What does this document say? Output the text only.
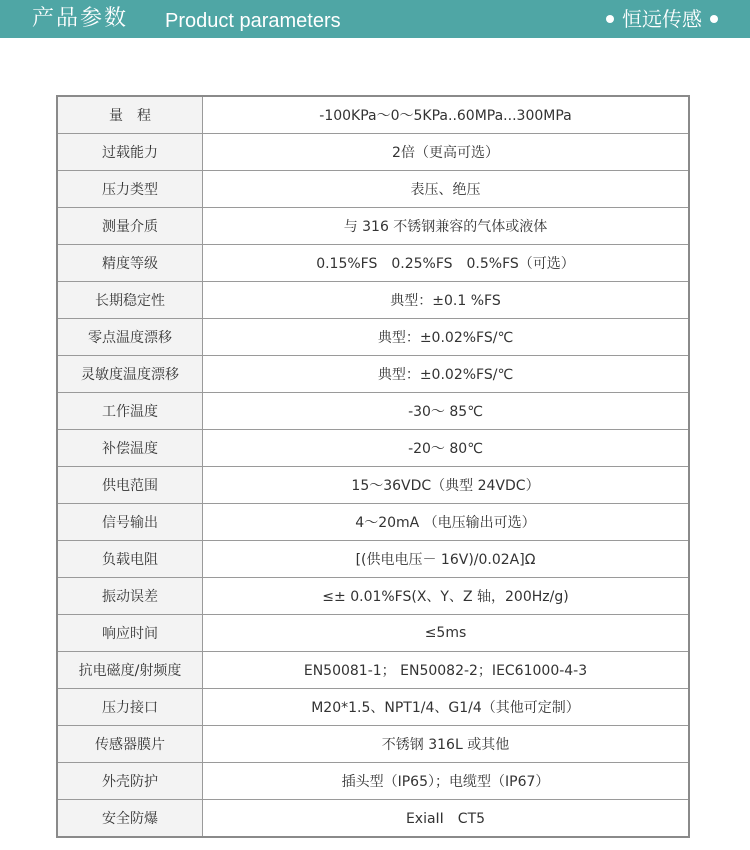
产品参数 Product parameters	恒远传感
量　程	-100KPa～0～5KPa..60MPa...300MPa
过载能力	2倍（更高可选）
压力类型	表压、绝压
测量介质	与 316 不锈钢兼容的气体或液体
精度等级	0.15%FS　0.25%FS　0.5%FS（可选）
长期稳定性	典型：±0.1 %FS
零点温度漂移	典型：±0.02%FS/℃
灵敏度温度漂移	典型：±0.02%FS/℃
工作温度	-30～ 85℃
补偿温度	-20～ 80℃
供电范围	15～36VDC（典型 24VDC）
信号输出	4～20mA （电压输出可选）
负载电阻	[(供电电压－ 16V)/0.02A]Ω
振动误差	≤± 0.01%FS(X、Y、Z 轴，200Hz/g)
响应时间	≤5ms
抗电磁度/射频度	EN50081-1； EN50082-2；IEC61000-4-3
压力接口	M20*1.5、NPT1/4、G1/4（其他可定制）
传感器膜片	不锈钢 316L 或其他
外壳防护	插头型（IP65）；电缆型（IP67）
安全防爆	ExiaII　CT5
